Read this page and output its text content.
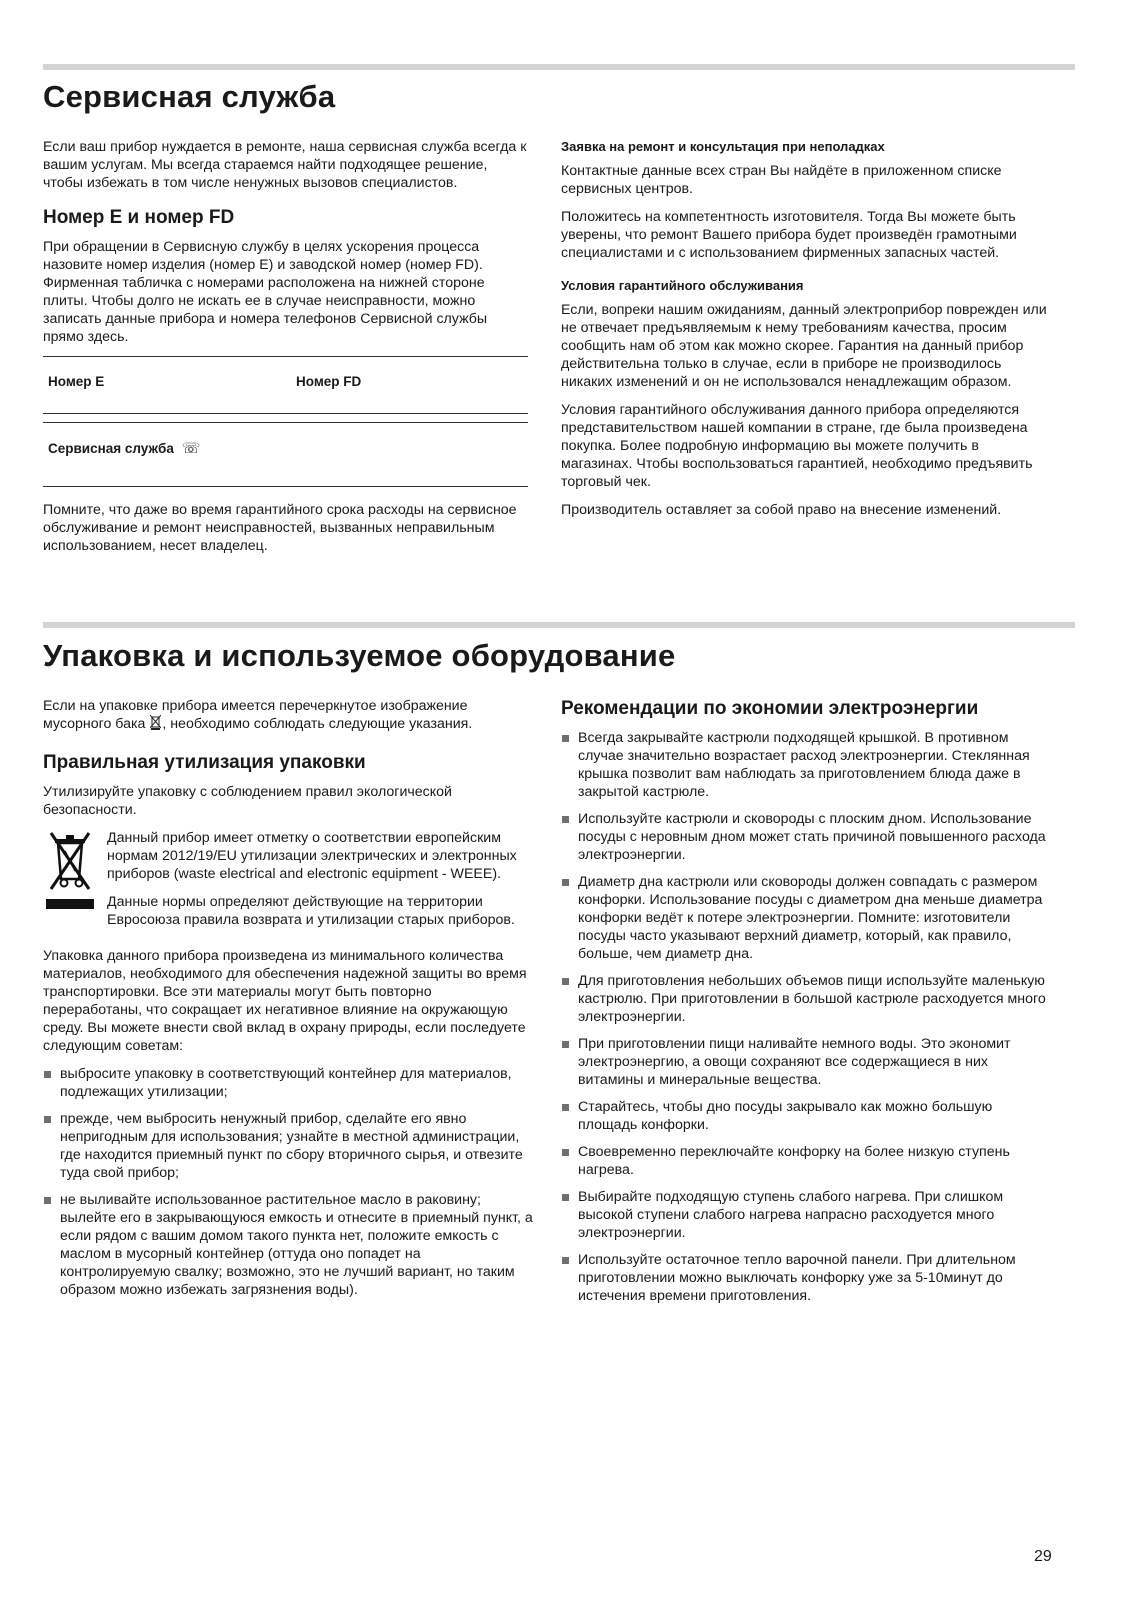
Сервисная служба

Если ваш прибор нуждается в ремонте, наша сервисная служба всегда к вашим услугам. Мы всегда стараемся найти подходящее решение, чтобы избежать в том числе ненужных вызовов специалистов.

Номер E и номер FD

При обращении в Сервисную службу в целях ускорения процесса назовите номер изделия (номер E) и заводской номер (номер FD). Фирменная табличка с номерами расположена на нижней стороне плиты. Чтобы долго не искать ее в случае неисправности, можно записать данные прибора и номера телефонов Сервисной службы прямо здесь.

Номер E	Номер FD
Сервисная служба ☏

Помните, что даже во время гарантийного срока расходы на сервисное обслуживание и ремонт неисправностей, вызванных неправильным использованием, несет владелец.

Заявка на ремонт и консультация при неполадках

Контактные данные всех стран Вы найдёте в приложенном списке сервисных центров.

Положитесь на компетентность изготовителя. Тогда Вы можете быть уверены, что ремонт Вашего прибора будет произведён грамотными специалистами и с использованием фирменных запасных частей.

Условия гарантийного обслуживания

Если, вопреки нашим ожиданиям, данный электроприбор поврежден или не отвечает предъявляемым к нему требованиям качества, просим сообщить нам об этом как можно скорее. Гарантия на данный прибор действительна только в случае, если в приборе не производилось никаких изменений и он не использовался ненадлежащим образом.

Условия гарантийного обслуживания данного прибора определяются представительством нашей компании в стране, где была произведена покупка. Более подробную информацию вы можете получить в магазинах. Чтобы воспользоваться гарантией, необходимо предъявить торговый чек.

Производитель оставляет за собой право на внесение изменений.

Упаковка и используемое оборудование

Если на упаковке прибора имеется перечеркнутое изображение мусорного бака , необходимо соблюдать следующие указания.

Правильная утилизация упаковки

Утилизируйте упаковку с соблюдением правил экологической безопасности.

Данный прибор имеет отметку о соответствии европейским нормам 2012/19/EU утилизации электрических и электронных приборов (waste electrical and electronic equipment - WEEE).

Данные нормы определяют действующие на территории Евросоюза правила возврата и утилизации старых приборов.

Упаковка данного прибора произведена из минимального количества материалов, необходимого для обеспечения надежной защиты во время транспортировки. Все эти материалы могут быть повторно переработаны, что сокращает их негативное влияние на окружающую среду. Вы можете внести свой вклад в охрану природы, если последуете следующим советам:

выбросите упаковку в соответствующий контейнер для материалов, подлежащих утилизации;
прежде, чем выбросить ненужный прибор, сделайте его явно непригодным для использования; узнайте в местной администрации, где находится приемный пункт по сбору вторичного сырья, и отвезите туда свой прибор;
не выливайте использованное растительное масло в раковину; вылейте его в закрывающуюся емкость и отнесите в приемный пункт, а если рядом с вашим домом такого пункта нет, положите емкость с маслом в мусорный контейнер (оттуда оно попадет на контролируемую свалку; возможно, это не лучший вариант, но таким образом можно избежать загрязнения воды).
Рекомендации по экономии электроэнергии
Всегда закрывайте кастрюли подходящей крышкой. В противном случае значительно возрастает расход электроэнергии. Стеклянная крышка позволит вам наблюдать за приготовлением блюда даже в закрытой кастрюле.
Используйте кастрюли и сковороды с плоским дном. Использование посуды с неровным дном может стать причиной повышенного расхода электроэнергии.
Диаметр дна кастрюли или сковороды должен совпадать с размером конфорки. Использование посуды с диаметром дна меньше диаметра конфорки ведёт к потере электроэнергии. Помните: изготовители посуды часто указывают верхний диаметр, который, как правило, больше, чем диаметр дна.
Для приготовления небольших объемов пищи используйте маленькую кастрюлю. При приготовлении в большой кастрюле расходуется много электроэнергии.
При приготовлении пищи наливайте немного воды. Это экономит электроэнергию, а овощи сохраняют все содержащиеся в них витамины и минеральные вещества.
Старайтесь, чтобы дно посуды закрывало как можно большую площадь конфорки.
Своевременно переключайте конфорку на более низкую ступень нагрева.
Выбирайте подходящую ступень слабого нагрева. При слишком высокой ступени слабого нагрева напрасно расходуется много электроэнергии.
Используйте остаточное тепло варочной панели. При длительном приготовлении можно выключать конфорку уже за 5-10минут до истечения времени приготовления.
29
